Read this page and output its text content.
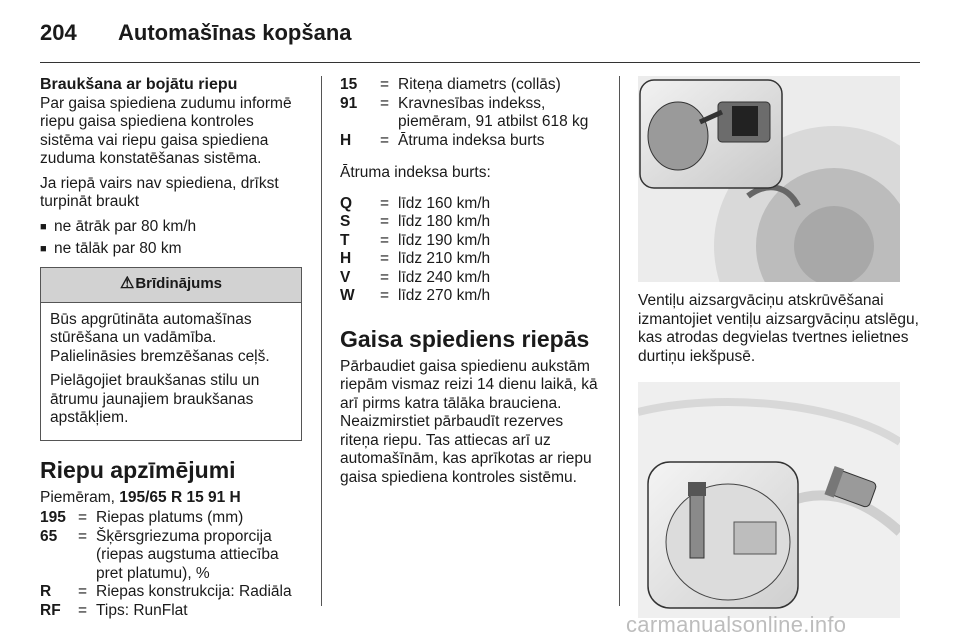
204 Automašīnas kopšana
Braukšana ar bojātu riepu

Par gaisa spiediena zudumu informē riepu gaisa spiediena kontroles sistēma vai riepu gaisa spiediena zuduma konstatēšanas sistēma.

Ja riepā vairs nav spiediena, drīkst turpināt braukt

■ ne ātrāk par 80 km/h
■ ne tālāk par 80 km
⚠ Brīdinājums

Būs apgrūtināta automašīnas stūrēšana un vadāmība. Palielināsies bremzēšanas ceļš.

Pielāgojiet braukšanas stilu un ātrumu jaunajiem braukšanas apstākļiem.

Riepu apzīmējumi

Piemēram, 195/65 R 15 91 H

195 = Riepas platums (mm)
65	= Šķērsgriezuma proporcija (riepas augstuma attiecība pret platumu), %
R	= Riepas konstrukcija: Radiāla
RF	= Tips: RunFlat
15	= Riteņa diametrs (collās)
91	= Kravnesības indekss, piemēram, 91 atbilst 618 kg
H	= Ātruma indeksa burts

Ātruma indeksa burts:

Q	= līdz 160 km/h
S	= līdz 180 km/h
T	= līdz 190 km/h
H	= līdz 210 km/h
V	= līdz 240 km/h
W	= līdz 270 km/h
Gaisa spiediens riepās

Pārbaudiet gaisa spiedienu aukstām riepām vismaz reizi 14 dienu laikā, kā arī pirms katra tālāka brauciena. Neaizmirstiet pārbaudīt rezerves riteņa riepu. Tas attiecas arī uz automašīnām, kas aprīkotas ar riepu gaisa spiediena kontroles sistēmu.

Ventiļu aizsargvāciņu atskrūvēšanai izmantojiet ventiļu aizsargvāciņu atslēgu, kas atrodas degvielas tvertnes ielietnes durtiņu iekšpusē.

carmanualsonline.info
